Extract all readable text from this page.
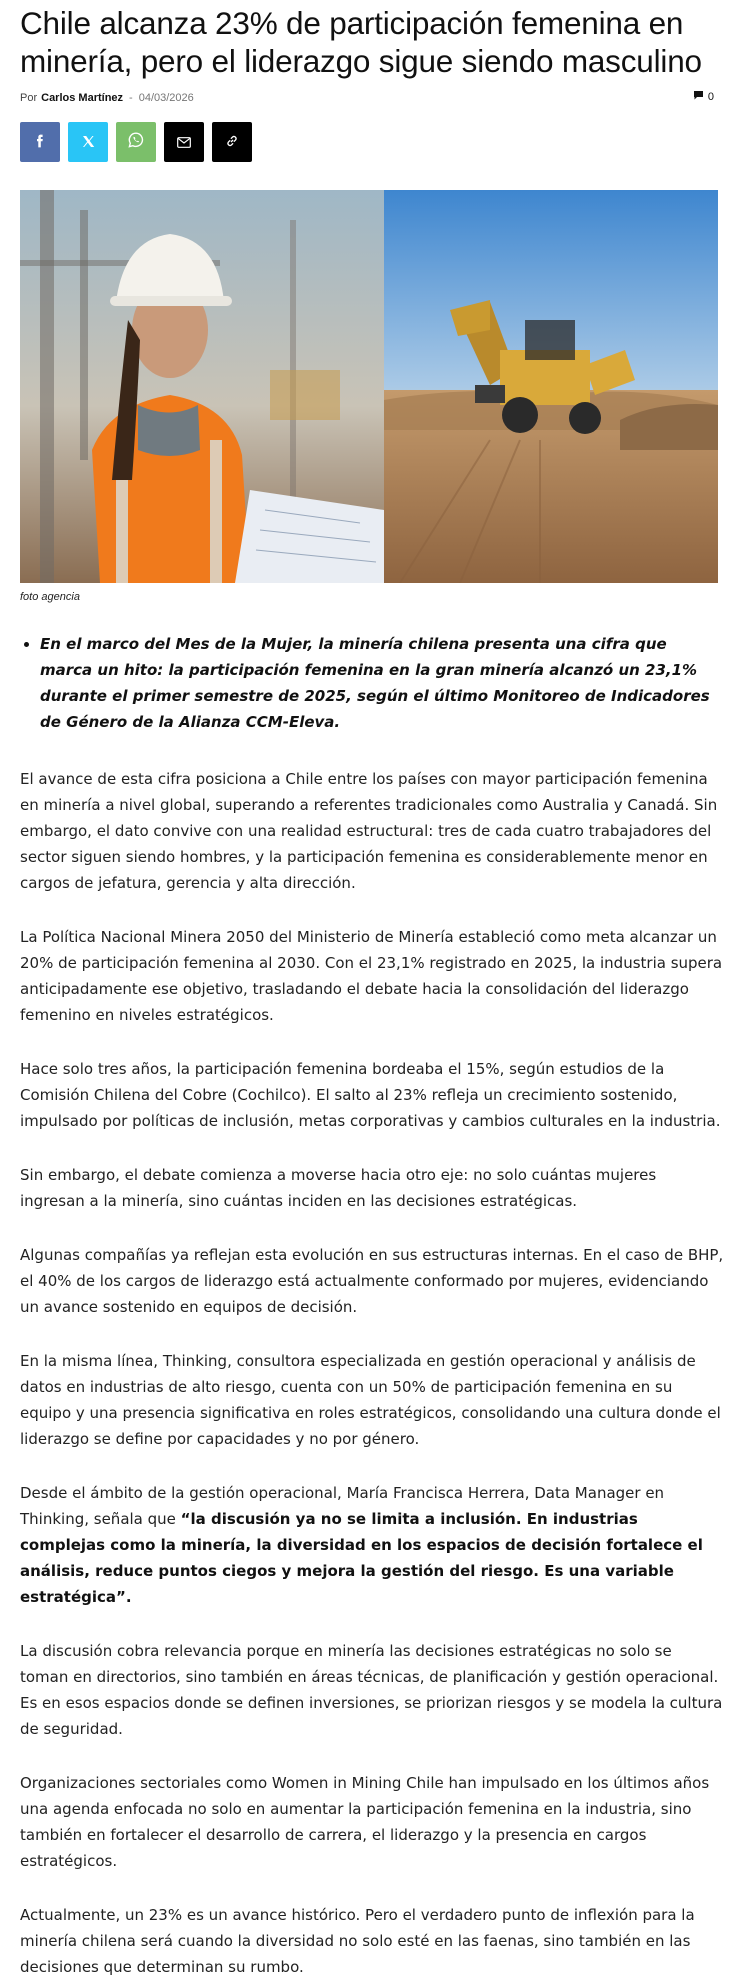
Chile alcanza 23% de participación femenina en minería, pero el liderazgo sigue siendo masculino
Por Carlos Martínez - 04/03/2026	0
foto agencia
• En el marco del Mes de la Mujer, la minería chilena presenta una cifra que marca un hito: la participación femenina en la gran minería alcanzó un 23,1% durante el primer semestre de 2025, según el último Monitoreo de Indicadores de Género de la Alianza CCM-Eleva.

El avance de esta cifra posiciona a Chile entre los países con mayor participación femenina en minería a nivel global, superando a referentes tradicionales como Australia y Canadá. Sin embargo, el dato convive con una realidad estructural: tres de cada cuatro trabajadores del sector siguen siendo hombres, y la participación femenina es considerablemente menor en cargos de jefatura, gerencia y alta dirección.

La Política Nacional Minera 2050 del Ministerio de Minería estableció como meta alcanzar un 20% de participación femenina al 2030. Con el 23,1% registrado en 2025, la industria supera anticipadamente ese objetivo, trasladando el debate hacia la consolidación del liderazgo femenino en niveles estratégicos.

Hace solo tres años, la participación femenina bordeaba el 15%, según estudios de la Comisión Chilena del Cobre (Cochilco). El salto al 23% refleja un crecimiento sostenido, impulsado por políticas de inclusión, metas corporativas y cambios culturales en la industria.

Sin embargo, el debate comienza a moverse hacia otro eje: no solo cuántas mujeres ingresan a la minería, sino cuántas inciden en las decisiones estratégicas.

Algunas compañías ya reflejan esta evolución en sus estructuras internas. En el caso de BHP, el 40% de los cargos de liderazgo está actualmente conformado por mujeres, evidenciando un avance sostenido en equipos de decisión.

En la misma línea, Thinking, consultora especializada en gestión operacional y análisis de datos en industrias de alto riesgo, cuenta con un 50% de participación femenina en su equipo y una presencia significativa en roles estratégicos, consolidando una cultura donde el liderazgo se define por capacidades y no por género.

Desde el ámbito de la gestión operacional, María Francisca Herrera, Data Manager en Thinking, señala que “la discusión ya no se limita a inclusión. En industrias complejas como la minería, la diversidad en los espacios de decisión fortalece el análisis, reduce puntos ciegos y mejora la gestión del riesgo. Es una variable estratégica”.

La discusión cobra relevancia porque en minería las decisiones estratégicas no solo se toman en directorios, sino también en áreas técnicas, de planificación y gestión operacional. Es en esos espacios donde se definen inversiones, se priorizan riesgos y se modela la cultura de seguridad.

Organizaciones sectoriales como Women in Mining Chile han impulsado en los últimos años una agenda enfocada no solo en aumentar la participación femenina en la industria, sino también en fortalecer el desarrollo de carrera, el liderazgo y la presencia en cargos estratégicos.

Actualmente, un 23% es un avance histórico. Pero el verdadero punto de inflexión para la minería chilena será cuando la diversidad no solo esté en las faenas, sino también en las decisiones que determinan su rumbo.
